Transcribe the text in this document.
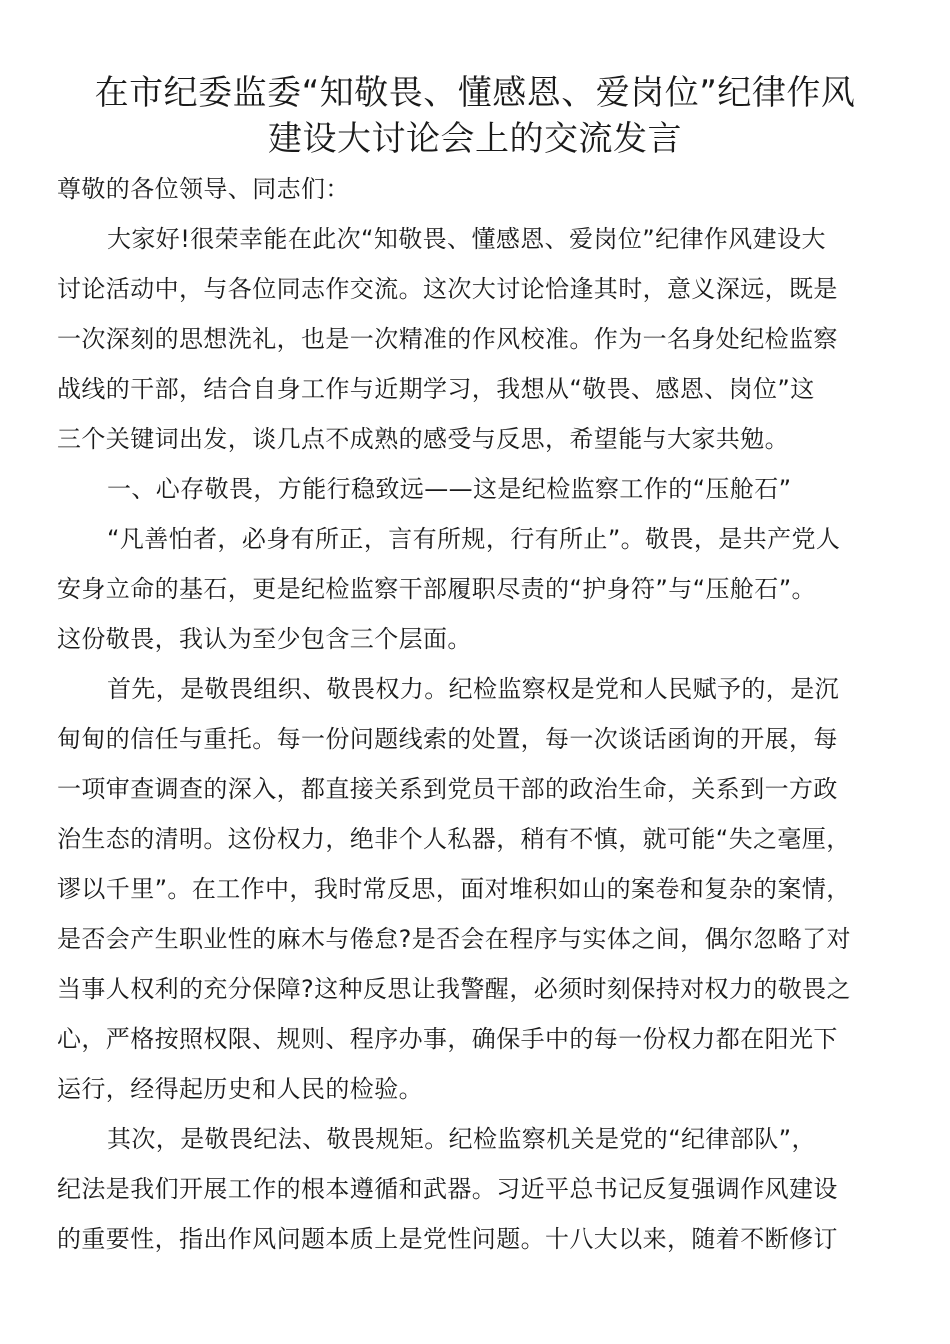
在市纪委监委“知敬畏、懂感恩、爱岗位”纪律作风
建设大讨论会上的交流发言
尊敬的各位领导、同志们：
大家好!很荣幸能在此次“知敬畏、懂感恩、爱岗位”纪律作风建设大
讨论活动中，与各位同志作交流。这次大讨论恰逢其时，意义深远，既是
一次深刻的思想洗礼，也是一次精准的作风校准。作为一名身处纪检监察
战线的干部，结合自身工作与近期学习，我想从“敬畏、感恩、岗位”这
三个关键词出发，谈几点不成熟的感受与反思，希望能与大家共勉。
一、心存敬畏，方能行稳致远——这是纪检监察工作的“压舱石”
“凡善怕者，必身有所正，言有所规，行有所止”。敬畏，是共产党人
安身立命的基石，更是纪检监察干部履职尽责的“护身符”与“压舱石”。
这份敬畏，我认为至少包含三个层面。
首先，是敬畏组织、敬畏权力。纪检监察权是党和人民赋予的，是沉
甸甸的信任与重托。每一份问题线索的处置，每一次谈话函询的开展，每
一项审查调查的深入，都直接关系到党员干部的政治生命，关系到一方政
治生态的清明。这份权力，绝非个人私器，稍有不慎，就可能“失之毫厘，
谬以千里”。在工作中，我时常反思，面对堆积如山的案卷和复杂的案情，
是否会产生职业性的麻木与倦怠?是否会在程序与实体之间，偶尔忽略了对
当事人权利的充分保障?这种反思让我警醒，必须时刻保持对权力的敬畏之
心，严格按照权限、规则、程序办事，确保手中的每一份权力都在阳光下
运行，经得起历史和人民的检验。
其次，是敬畏纪法、敬畏规矩。纪检监察机关是党的“纪律部队”，
纪法是我们开展工作的根本遵循和武器。习近平总书记反复强调作风建设
的重要性，指出作风问题本质上是党性问题。十八大以来，随着不断修订
